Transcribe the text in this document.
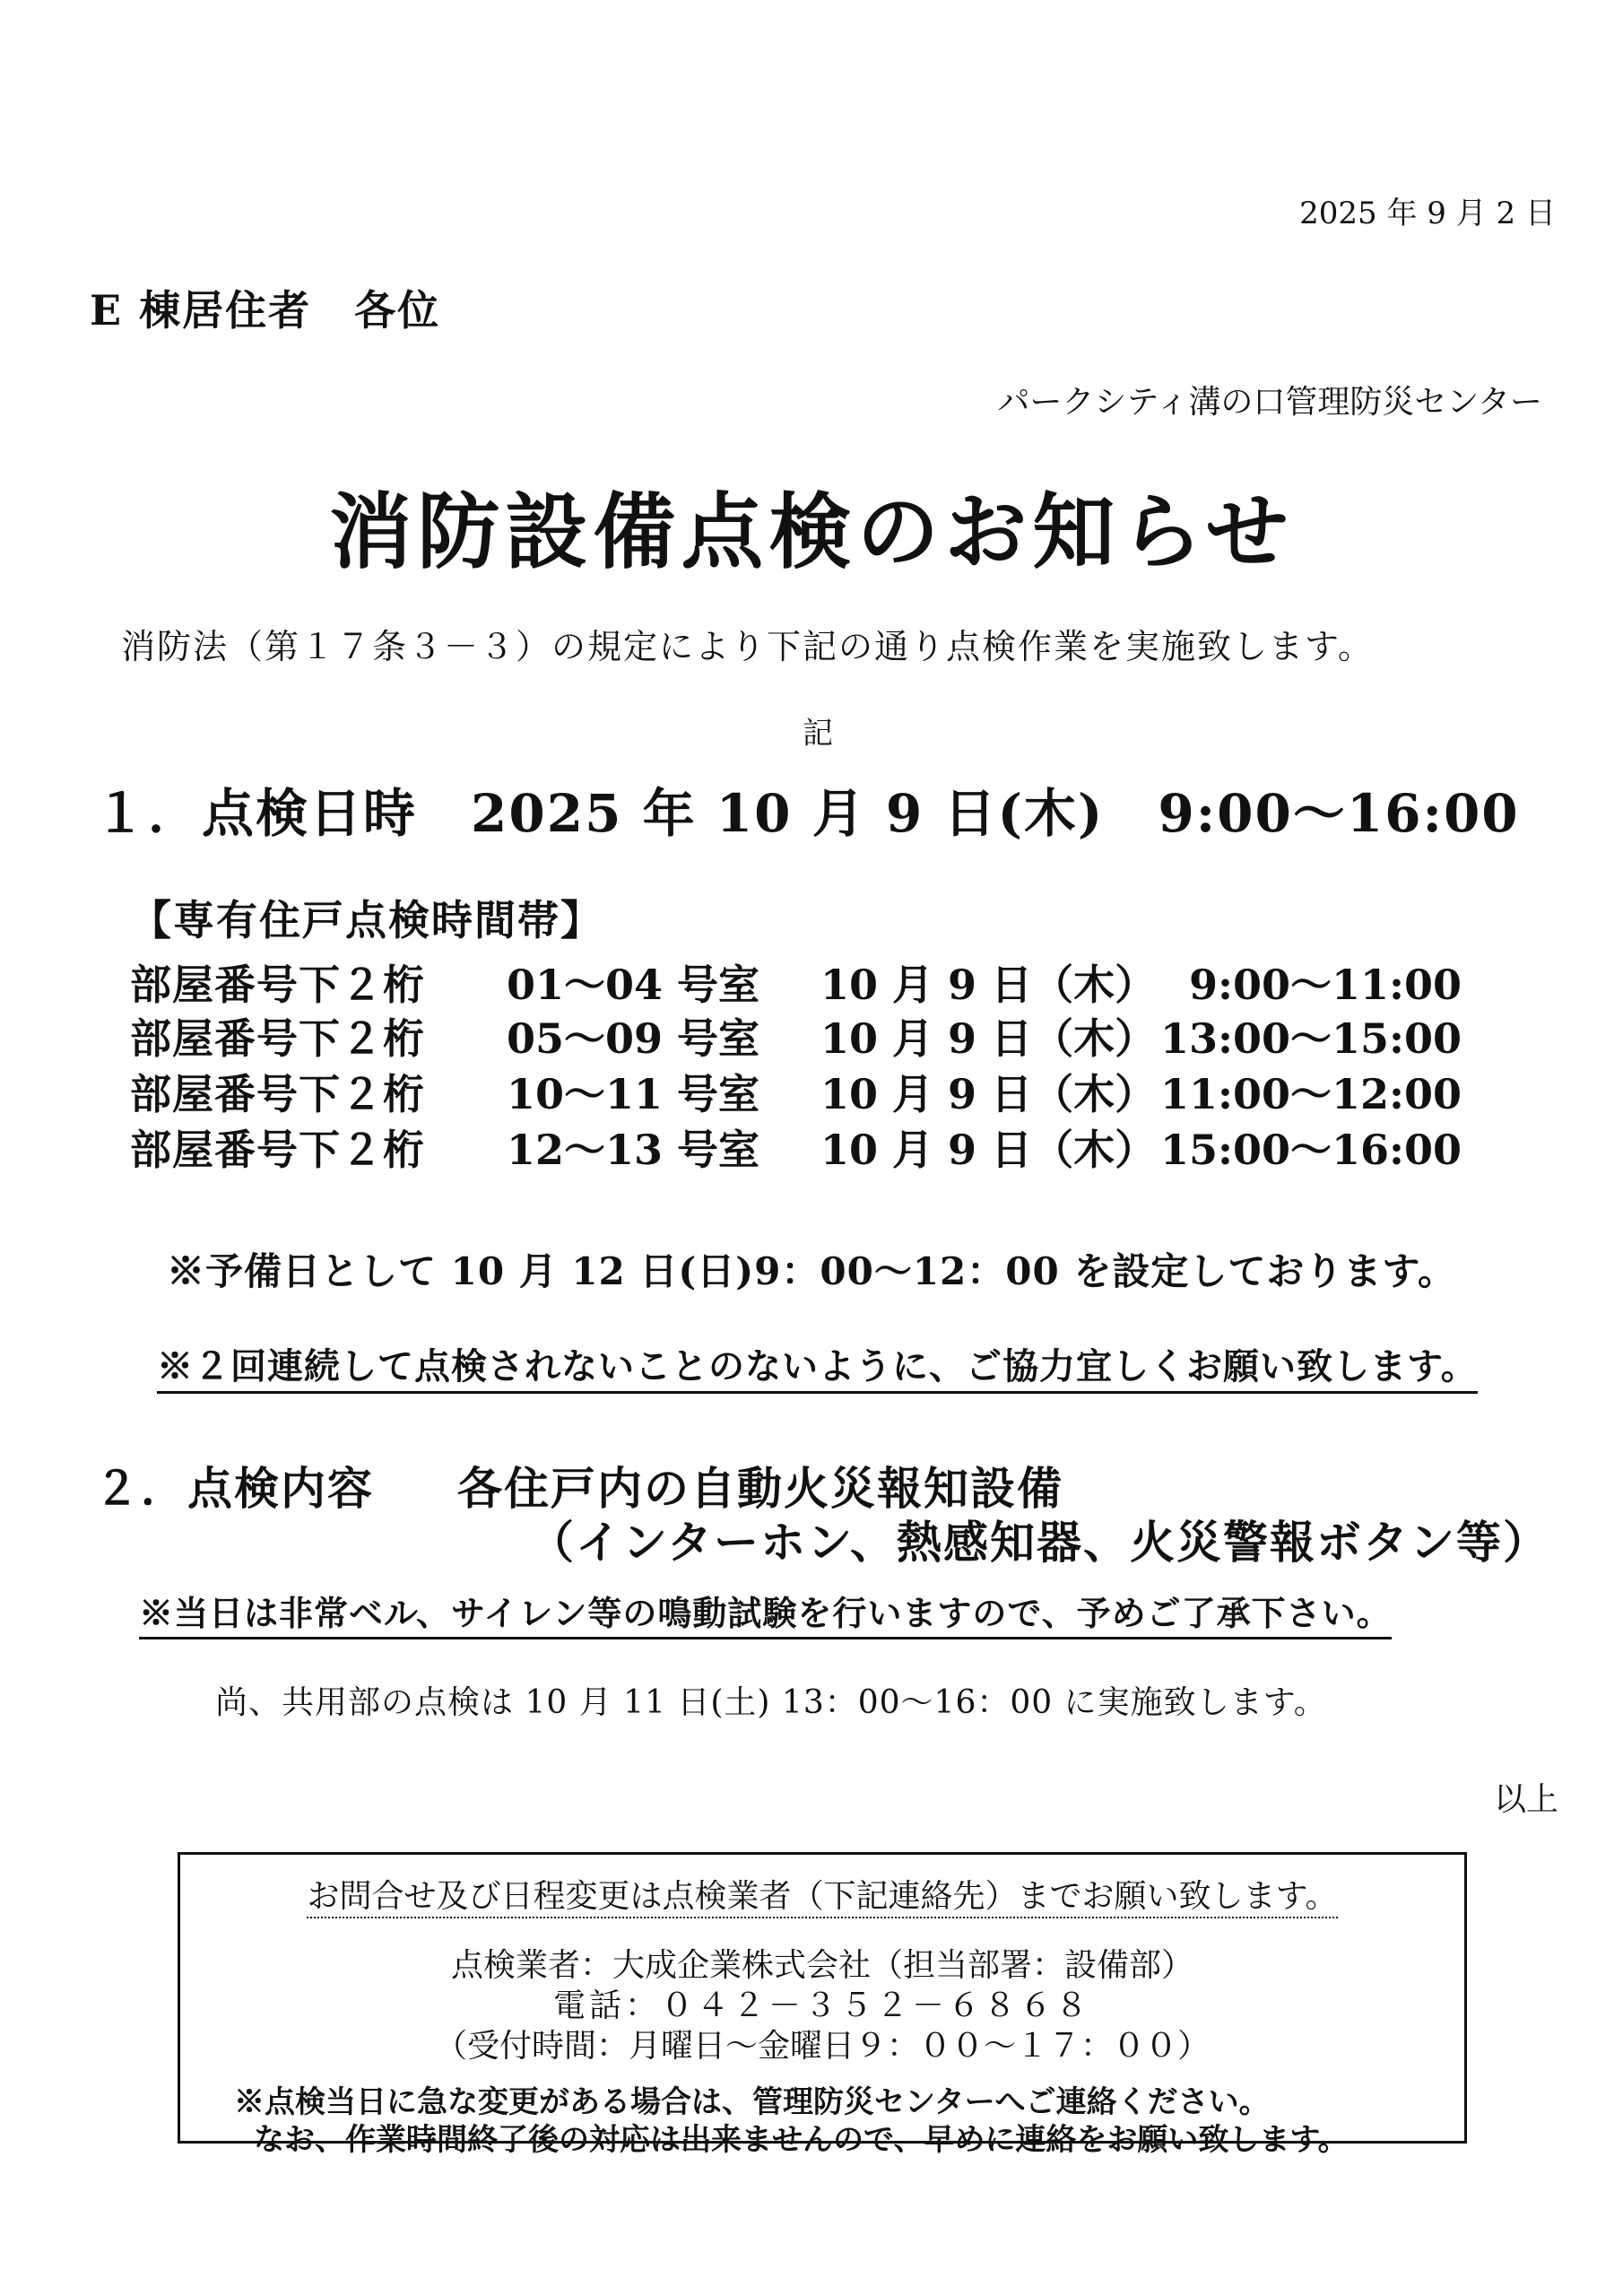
2025 年 9 月 2 日
E 棟居住者　各位
パークシティ溝の口管理防災センター
消防設備点検のお知らせ
消防法（第１７条３－３）の規定により下記の通り点検作業を実施致します。
記
１．点検日時　2025 年 10 月 9 日(木)　9:00～16:00
【専有住戸点検時間帯】
部屋番号下２桁 01～04 号室 10 月 9 日（木） 9:00～11:00
部屋番号下２桁 05～09 号室 10 月 9 日（木） 13:00～15:00
部屋番号下２桁 10～11 号室 10 月 9 日（木） 11:00～12:00
部屋番号下２桁 12～13 号室 10 月 9 日（木） 15:00～16:00
※予備日として 10 月 12 日(日)9：00～12：00 を設定しております。
※２回連続して点検されないことのないように、ご協力宜しくお願い致します。
２．点検内容 各住戸内の自動火災報知設備
（インターホン、熱感知器、火災警報ボタン等）
※当日は非常ベル、サイレン等の鳴動試験を行いますので、予めご了承下さい。
尚、共用部の点検は 10 月 11 日(土) 13：00～16：00 に実施致します。
以上
お問合せ及び日程変更は点検業者（下記連絡先）までお願い致します。
点検業者：大成企業株式会社（担当部署：設備部）
電話：０４２－３５２－６８６８
（受付時間：月曜日～金曜日９：００～１７：００）
※点検当日に急な変更がある場合は、管理防災センターへご連絡ください。
なお、作業時間終了後の対応は出来ませんので、早めに連絡をお願い致します。
